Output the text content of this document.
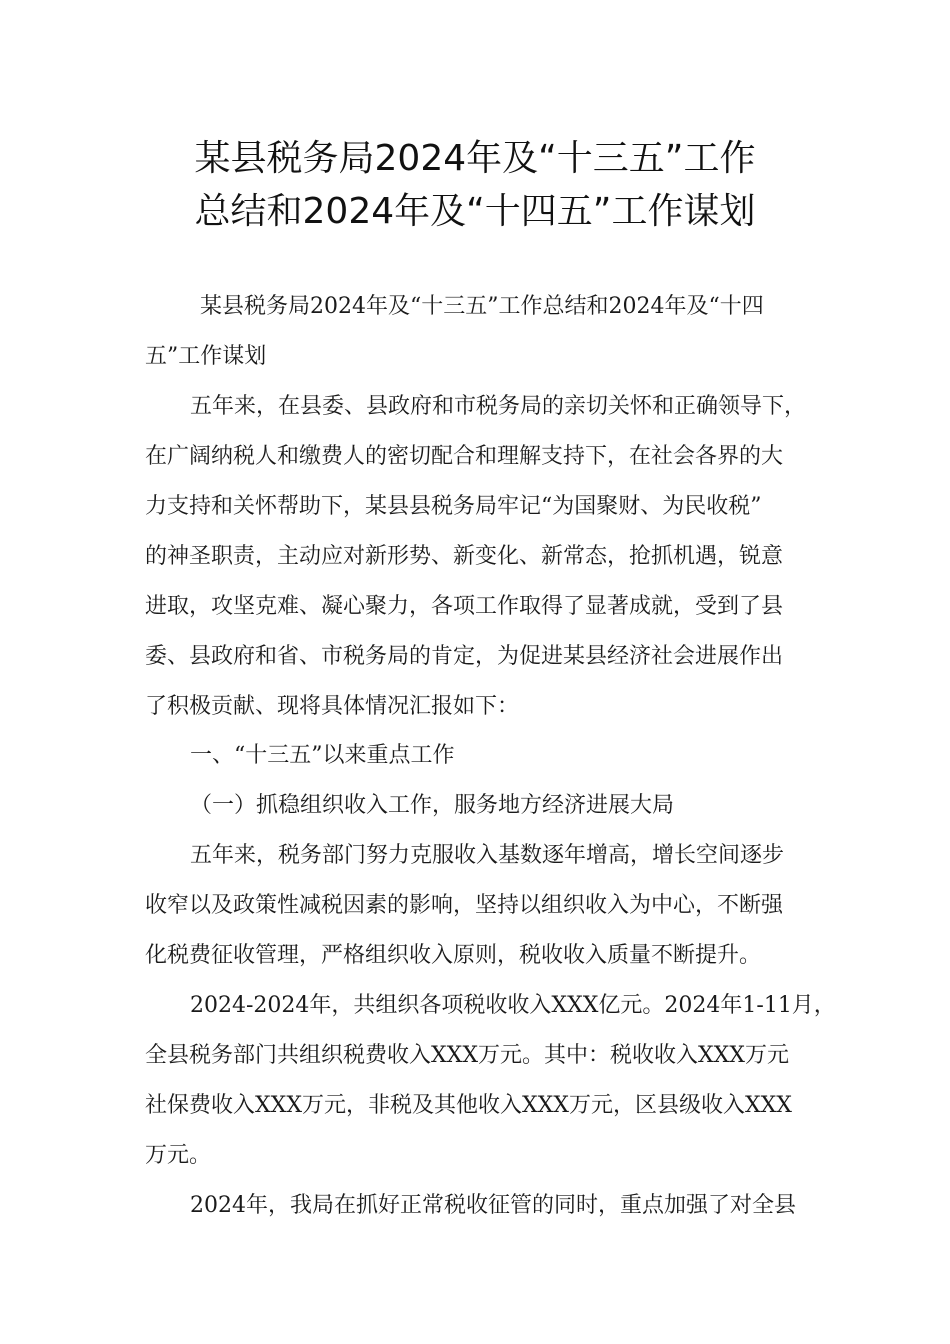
某县税务局2024年及“十三五”工作
总结和2024年及“十四五”工作谋划
某县税务局2024年及“十三五”工作总结和2024年及“十四
五”工作谋划
五年来，在县委、县政府和市税务局的亲切关怀和正确领导下，
在广阔纳税人和缴费人的密切配合和理解支持下，在社会各界的大
力支持和关怀帮助下，某县县税务局牢记“为国聚财、为民收税”
的神圣职责，主动应对新形势、新变化、新常态，抢抓机遇，锐意
进取，攻坚克难、凝心聚力，各项工作取得了显著成就，受到了县
委、县政府和省、市税务局的肯定，为促进某县经济社会进展作出
了积极贡献、现将具体情况汇报如下：
一、“十三五”以来重点工作
（一）抓稳组织收入工作，服务地方经济进展大局
五年来，税务部门努力克服收入基数逐年增高，增长空间逐步
收窄以及政策性减税因素的影响，坚持以组织收入为中心，不断强
化税费征收管理，严格组织收入原则，税收收入质量不断提升。
2024-2024年，共组织各项税收收入XXX亿元。2024年1-11月，
全县税务部门共组织税费收入XXX万元。其中：税收收入XXX万元
社保费收入XXX万元，非税及其他收入XXX万元，区县级收入XXX
万元。
2024年，我局在抓好正常税收征管的同时，重点加强了对全县
